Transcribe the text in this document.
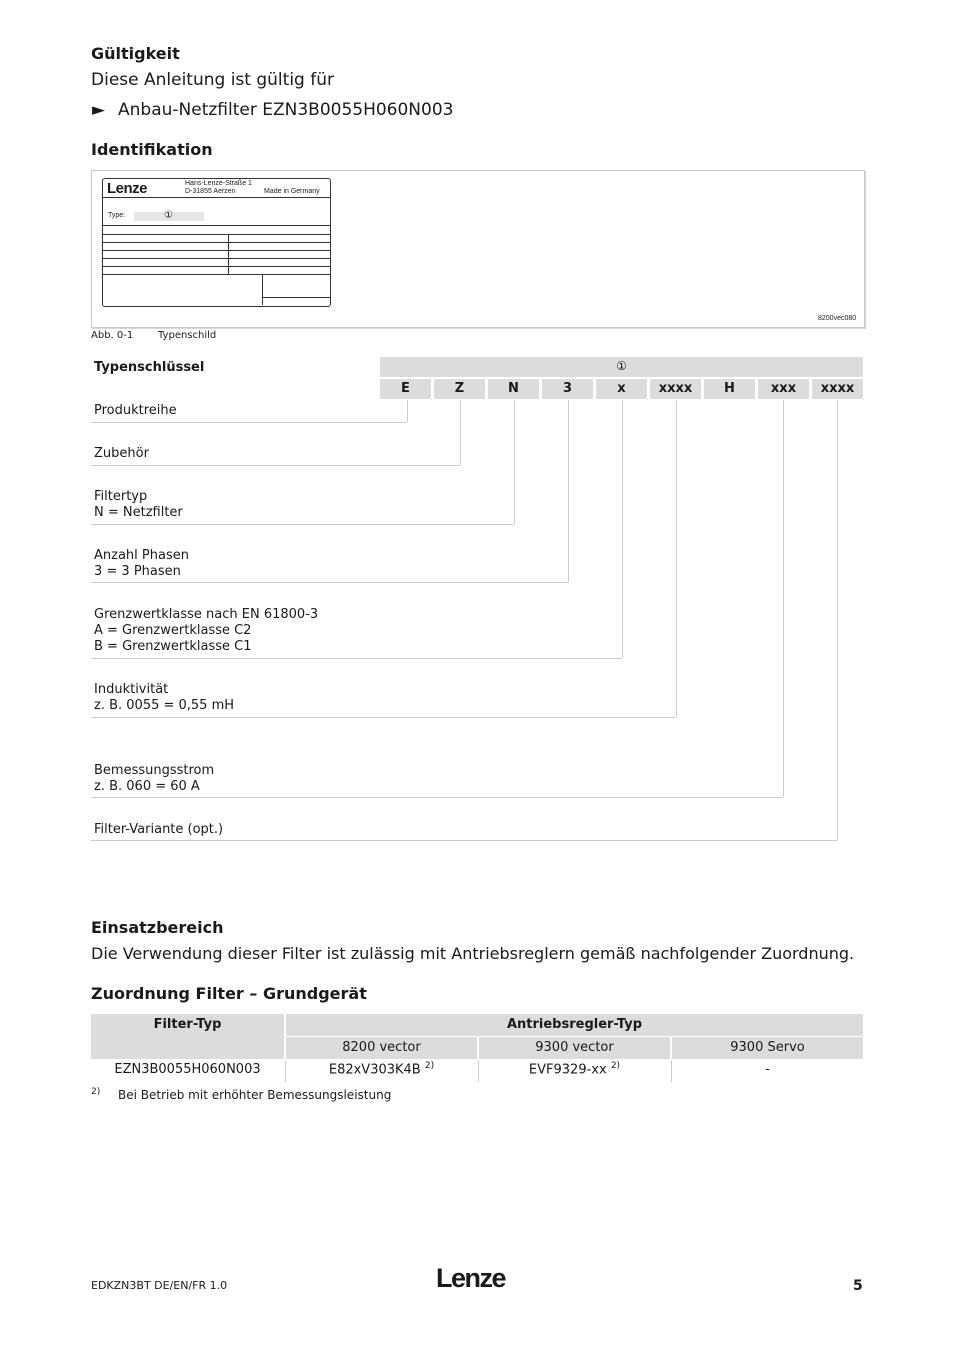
Gültigkeit
Diese Anleitung ist gültig für
► Anbau-Netzfilter EZN3B0055H060N003
Identifikation
8200vec080
Lenze	Hans-Lenze-Straße 1
D-31855 Aerzen	Made in Germany
Type:	①
Abb. 0-1 Typenschild
Typenschlüssel	①
E	Z	N	3	x	xxxx	H	xxx	xxxx
Produktreihe
Zubehör
Filtertyp
N = Netzfilter
Anzahl Phasen
3 = 3 Phasen
Grenzwertklasse nach EN 61800-3
A = Grenzwertklasse C2
B = Grenzwertklasse C1
Induktivität
z. B. 0055 = 0,55 mH
Bemessungsstrom
z. B. 060 = 60 A
Filter-Variante (opt.)
Einsatzbereich
Die Verwendung dieser Filter ist zulässig mit Antriebsreglern gemäß nachfolgender Zuordnung.
Zuordnung Filter – Grundgerät
Filter-Typ	Antriebsregler-Typ
8200 vector	9300 vector	9300 Servo
EZN3B0055H060N003	E82xV303K4B $^{2)}$	EVF9329-xx $^{2)}$	-
2) Bei Betrieb mit erhöhter Bemessungsleistung
EDKZN3BT DE/EN/FR 1.0	Lenze	5
